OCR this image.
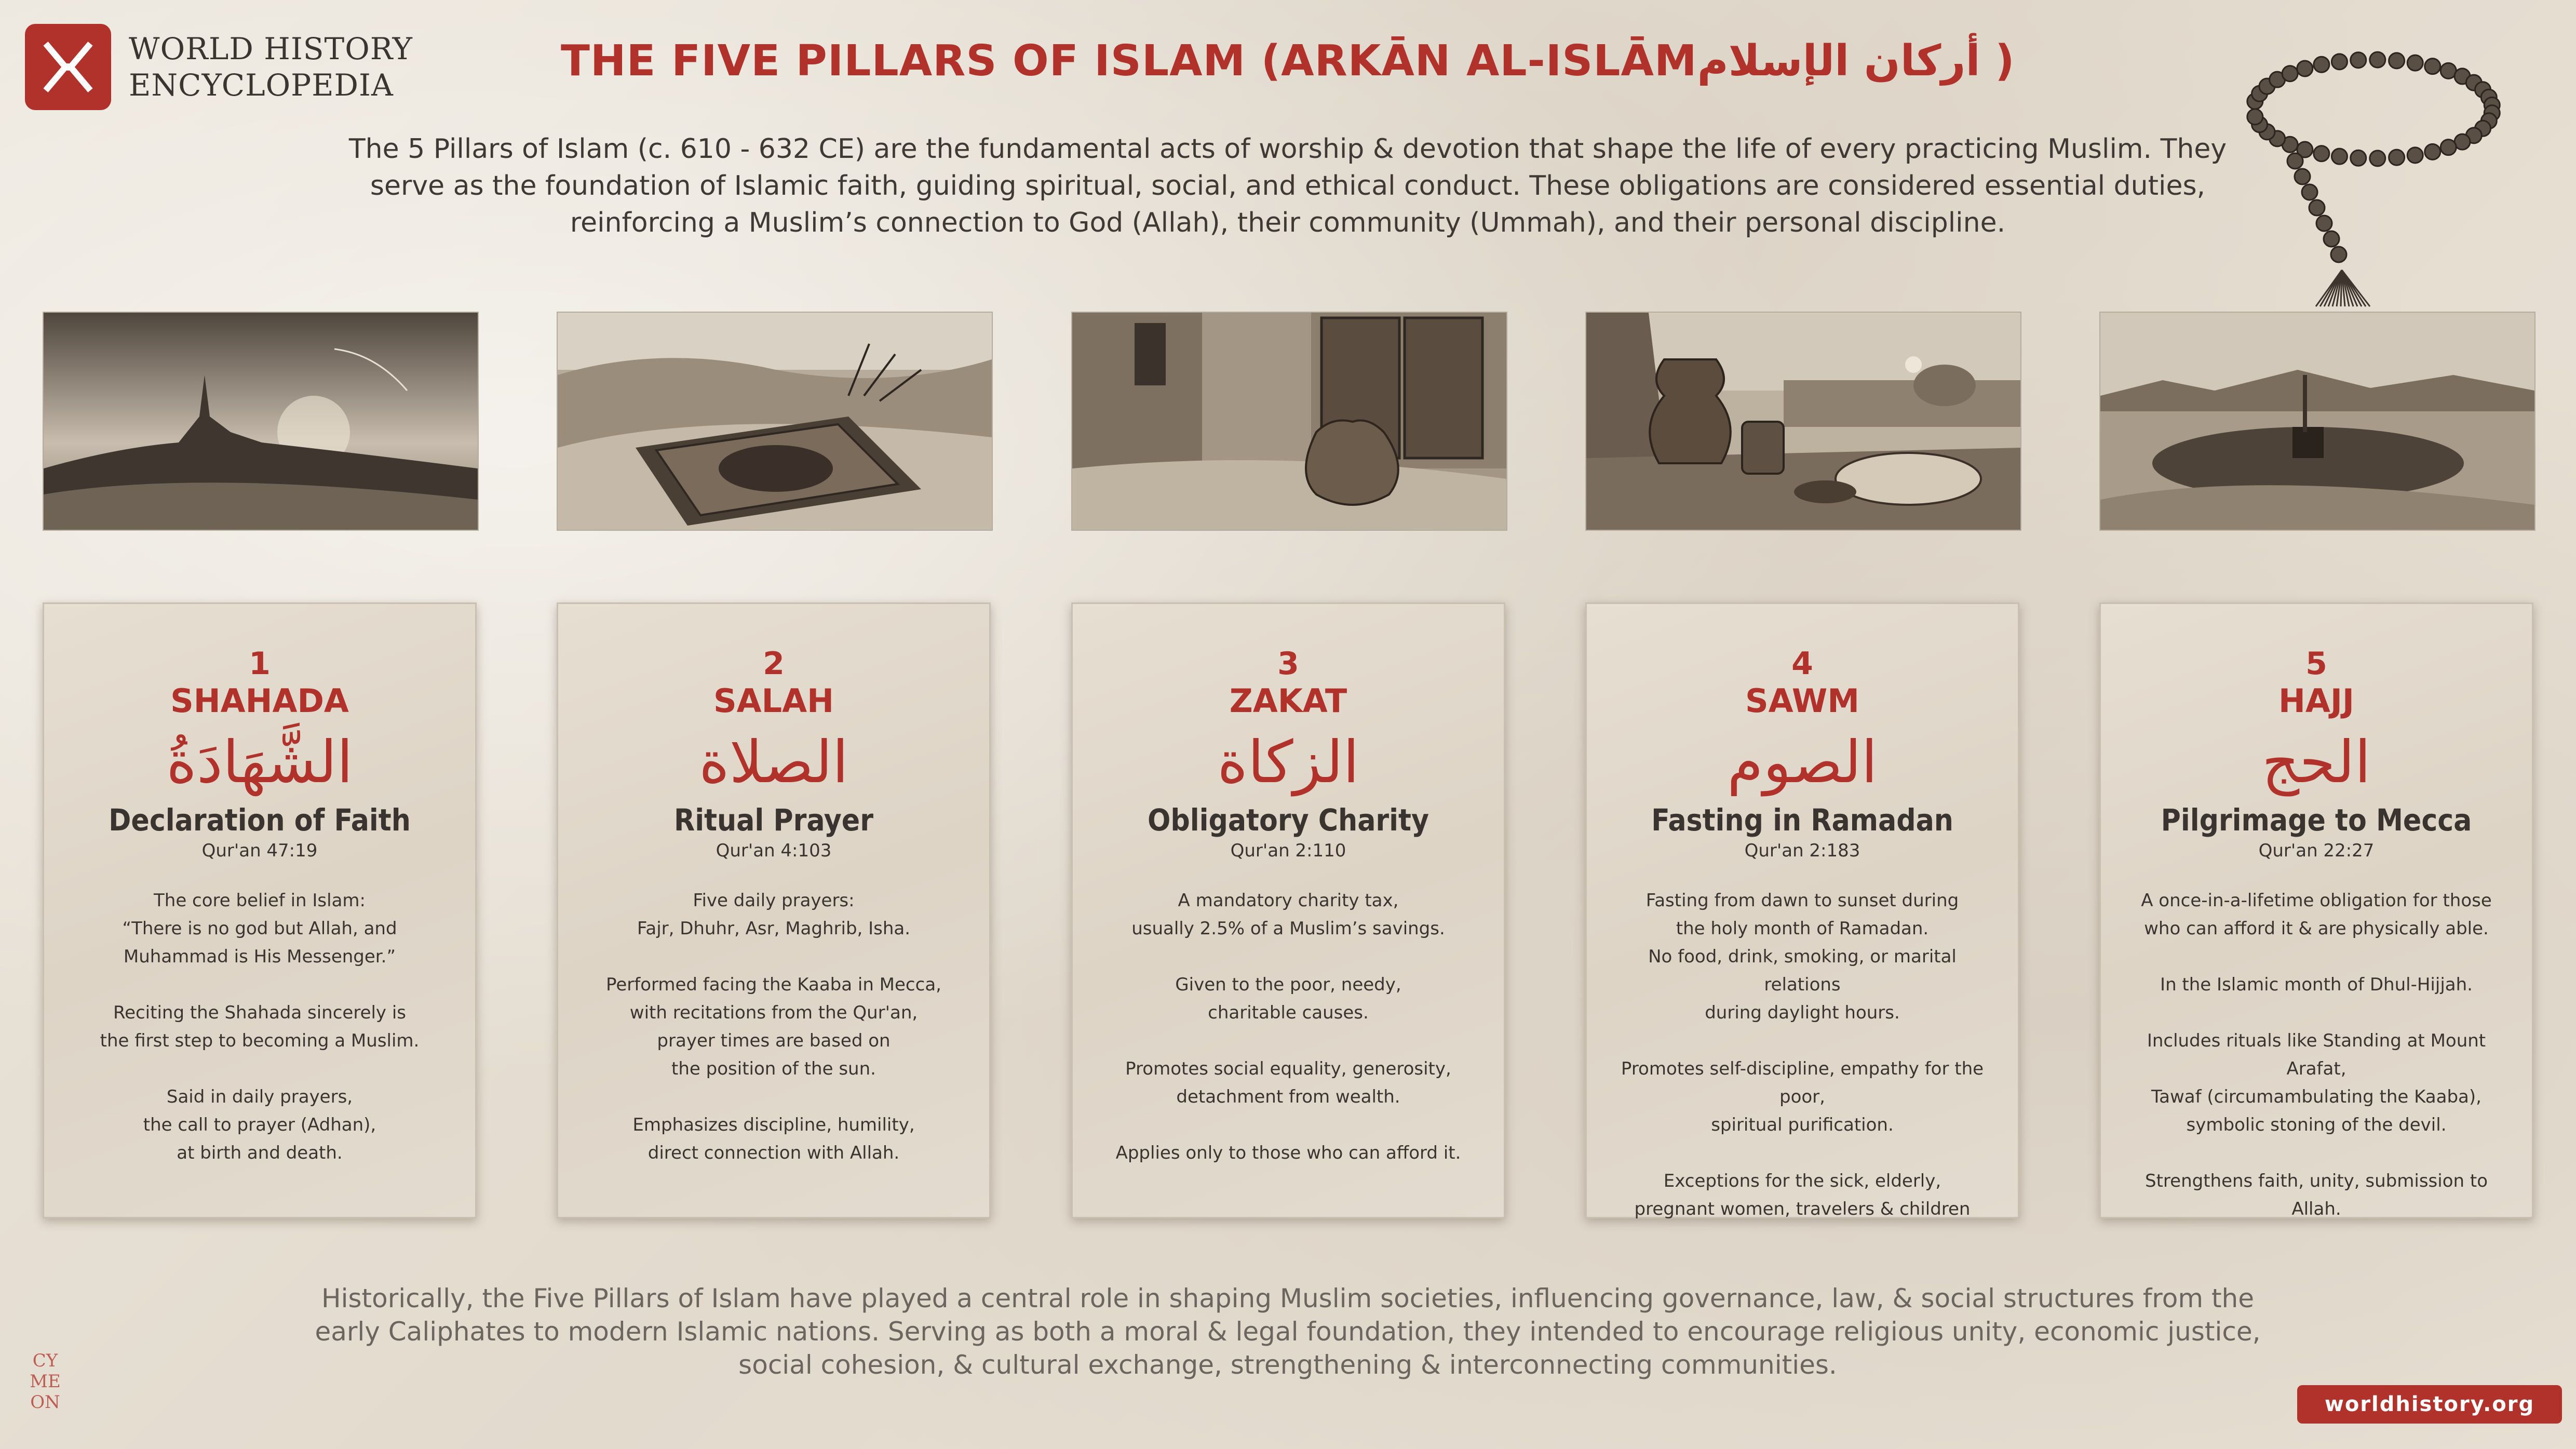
WORLD HISTORY
ENCYCLOPEDIA	THE FIVE PILLARS OF ISLAM (ARKĀN AL-ISLĀMأركان الإسلام )
The 5 Pillars of Islam (c. 610 - 632 CE) are the fundamental acts of worship & devotion that shape the life of every practicing Muslim. They serve as the foundation of Islamic faith, guiding spiritual, social, and ethical conduct. These obligations are considered essential duties, reinforcing a Muslim’s connection to God (Allah), their community (Ummah), and their personal discipline.
1
SHAHADA
الشَّهَادَةُ
Declaration of Faith
Qur'an 47:19
The core belief in Islam:
“There is no god but Allah, and
Muhammad is His Messenger.”
Reciting the Shahada sincerely is
the first step to becoming a Muslim.
Said in daily prayers,
the call to prayer (Adhan),
at birth and death.
2
SALAH
الصلاة
Ritual Prayer
Qur'an 4:103
Five daily prayers:
Fajr, Dhuhr, Asr, Maghrib, Isha.
Performed facing the Kaaba in Mecca,
with recitations from the Qur'an,
prayer times are based on
the position of the sun.
Emphasizes discipline, humility,
direct connection with Allah.
3
ZAKAT
الزكاة
Obligatory Charity
Qur'an 2:110
A mandatory charity tax,
usually 2.5% of a Muslim’s savings.
Given to the poor, needy,
charitable causes.
Promotes social equality, generosity,
detachment from wealth.
Applies only to those who can afford it.
4
SAWM
الصوم
Fasting in Ramadan
Qur'an 2:183
Fasting from dawn to sunset during
the holy month of Ramadan.
No food, drink, smoking, or marital relations
during daylight hours.
Promotes self-discipline, empathy for the poor,
spiritual purification.
Exceptions for the sick, elderly,
pregnant women, travelers & children
5
HAJJ
الحج
Pilgrimage to Mecca
Qur'an 22:27
A once-in-a-lifetime obligation for those
who can afford it & are physically able.
In the Islamic month of Dhul-Hijjah.
Includes rituals like Standing at Mount Arafat,
Tawaf (circumambulating the Kaaba),
symbolic stoning of the devil.
Strengthens faith, unity, submission to Allah.
Historically, the Five Pillars of Islam have played a central role in shaping Muslim societies, influencing governance, law, & social structures from the early Caliphates to modern Islamic nations. Serving as both a moral & legal foundation, they intended to encourage religious unity, economic justice, social cohesion, & cultural exchange, strengthening & interconnecting communities.
CY
ME
ON	worldhistory.org
